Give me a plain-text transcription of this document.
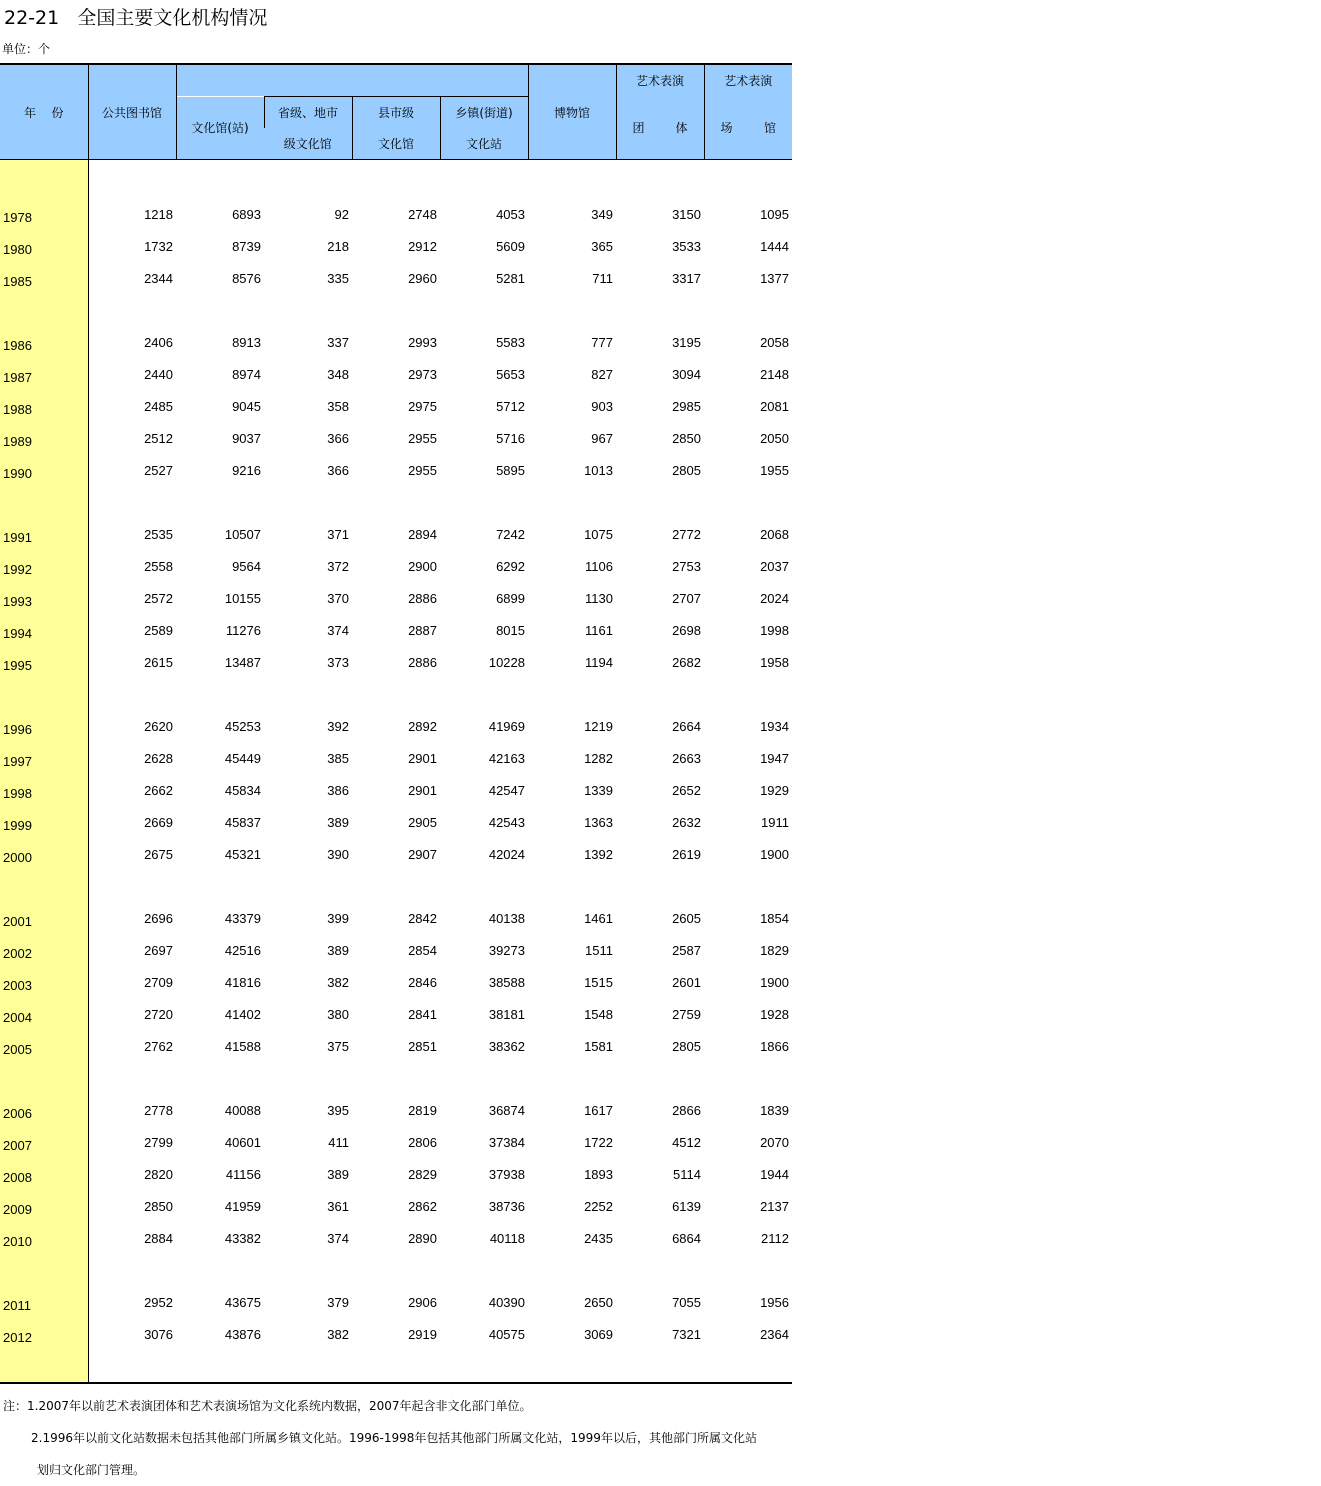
22-21   全国主要文化机构情况
单位：个
年 份	公共图书馆					博物馆	艺术表演	艺术表演
		文化馆(站)	省级、地市	县市级	乡镇(街道)		团 体	场 馆

			级文化馆	文化馆	文化站			

1978	1218	6893	92	2748	4053	349	3150	1095
1980	1732	8739	218	2912	5609	365	3533	1444
1985	2344	8576	335	2960	5281	711	3317	1377

1986	2406	8913	337	2993	5583	777	3195	2058
1987	2440	8974	348	2973	5653	827	3094	2148
1988	2485	9045	358	2975	5712	903	2985	2081
1989	2512	9037	366	2955	5716	967	2850	2050
1990	2527	9216	366	2955	5895	1013	2805	1955

1991	2535	10507	371	2894	7242	1075	2772	2068
1992	2558	9564	372	2900	6292	1106	2753	2037
1993	2572	10155	370	2886	6899	1130	2707	2024
1994	2589	11276	374	2887	8015	1161	2698	1998
1995	2615	13487	373	2886	10228	1194	2682	1958

1996	2620	45253	392	2892	41969	1219	2664	1934
1997	2628	45449	385	2901	42163	1282	2663	1947
1998	2662	45834	386	2901	42547	1339	2652	1929
1999	2669	45837	389	2905	42543	1363	2632	1911
2000	2675	45321	390	2907	42024	1392	2619	1900

2001	2696	43379	399	2842	40138	1461	2605	1854
2002	2697	42516	389	2854	39273	1511	2587	1829
2003	2709	41816	382	2846	38588	1515	2601	1900
2004	2720	41402	380	2841	38181	1548	2759	1928
2005	2762	41588	375	2851	38362	1581	2805	1866

2006	2778	40088	395	2819	36874	1617	2866	1839
2007	2799	40601	411	2806	37384	1722	4512	2070
2008	2820	41156	389	2829	37938	1893	5114	1944
2009	2850	41959	361	2862	38736	2252	6139	2137
2010	2884	43382	374	2890	40118	2435	6864	2112

2011	2952	43675	379	2906	40390	2650	7055	1956
2012	3076	43876	382	2919	40575	3069	7321	2364

注：1.2007年以前艺术表演团体和艺术表演场馆为文化系统内数据，2007年起含非文化部门单位。
2.1996年以前文化站数据未包括其他部门所属乡镇文化站。1996-1998年包括其他部门所属文化站，1999年以后，其他部门所属文化站
划归文化部门管理。
